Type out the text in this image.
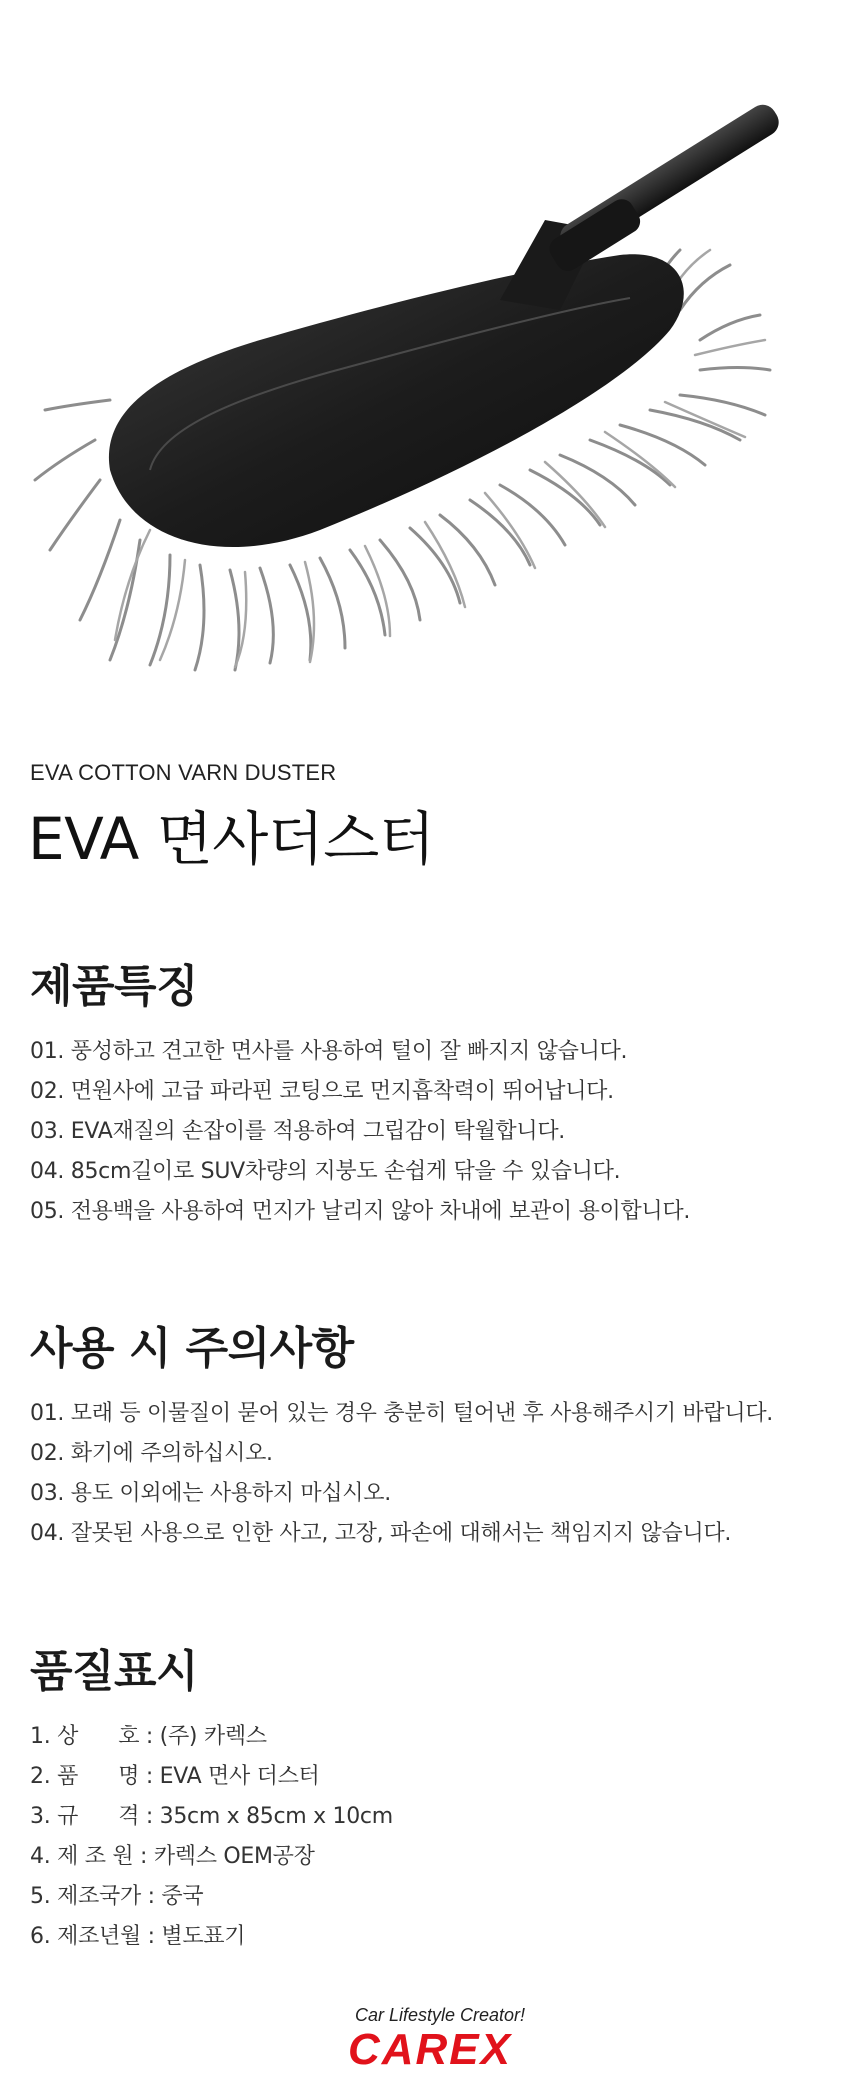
EVA COTTON VARN DUSTER
EVA 면사더스터
제품특징
01. 풍성하고 견고한 면사를 사용하여 털이 잘 빠지지 않습니다.
02. 면원사에 고급 파라핀 코팅으로 먼지흡착력이 뛰어납니다.
03. EVA재질의 손잡이를 적용하여 그립감이 탁월합니다.
04. 85cm길이로 SUV차량의 지붕도 손쉽게 닦을 수 있습니다.
05. 전용백을 사용하여 먼지가 날리지 않아 차내에 보관이 용이합니다.
사용 시 주의사항
01. 모래 등 이물질이 묻어 있는 경우 충분히 털어낸 후 사용해주시기 바랍니다.
02. 화기에 주의하십시오.
03. 용도 이외에는 사용하지 마십시오.
04. 잘못된 사용으로 인한 사고, 고장, 파손에 대해서는 책임지지 않습니다.
품질표시
1. 상      호 : (주) 카렉스
2. 품      명 : EVA 면사 더스터
3. 규      격 : 35cm x 85cm x 10cm
4. 제 조 원 : 카렉스 OEM공장
5. 제조국가 : 중국
6. 제조년월 : 별도표기
Car Lifestyle Creator!
CAREX
